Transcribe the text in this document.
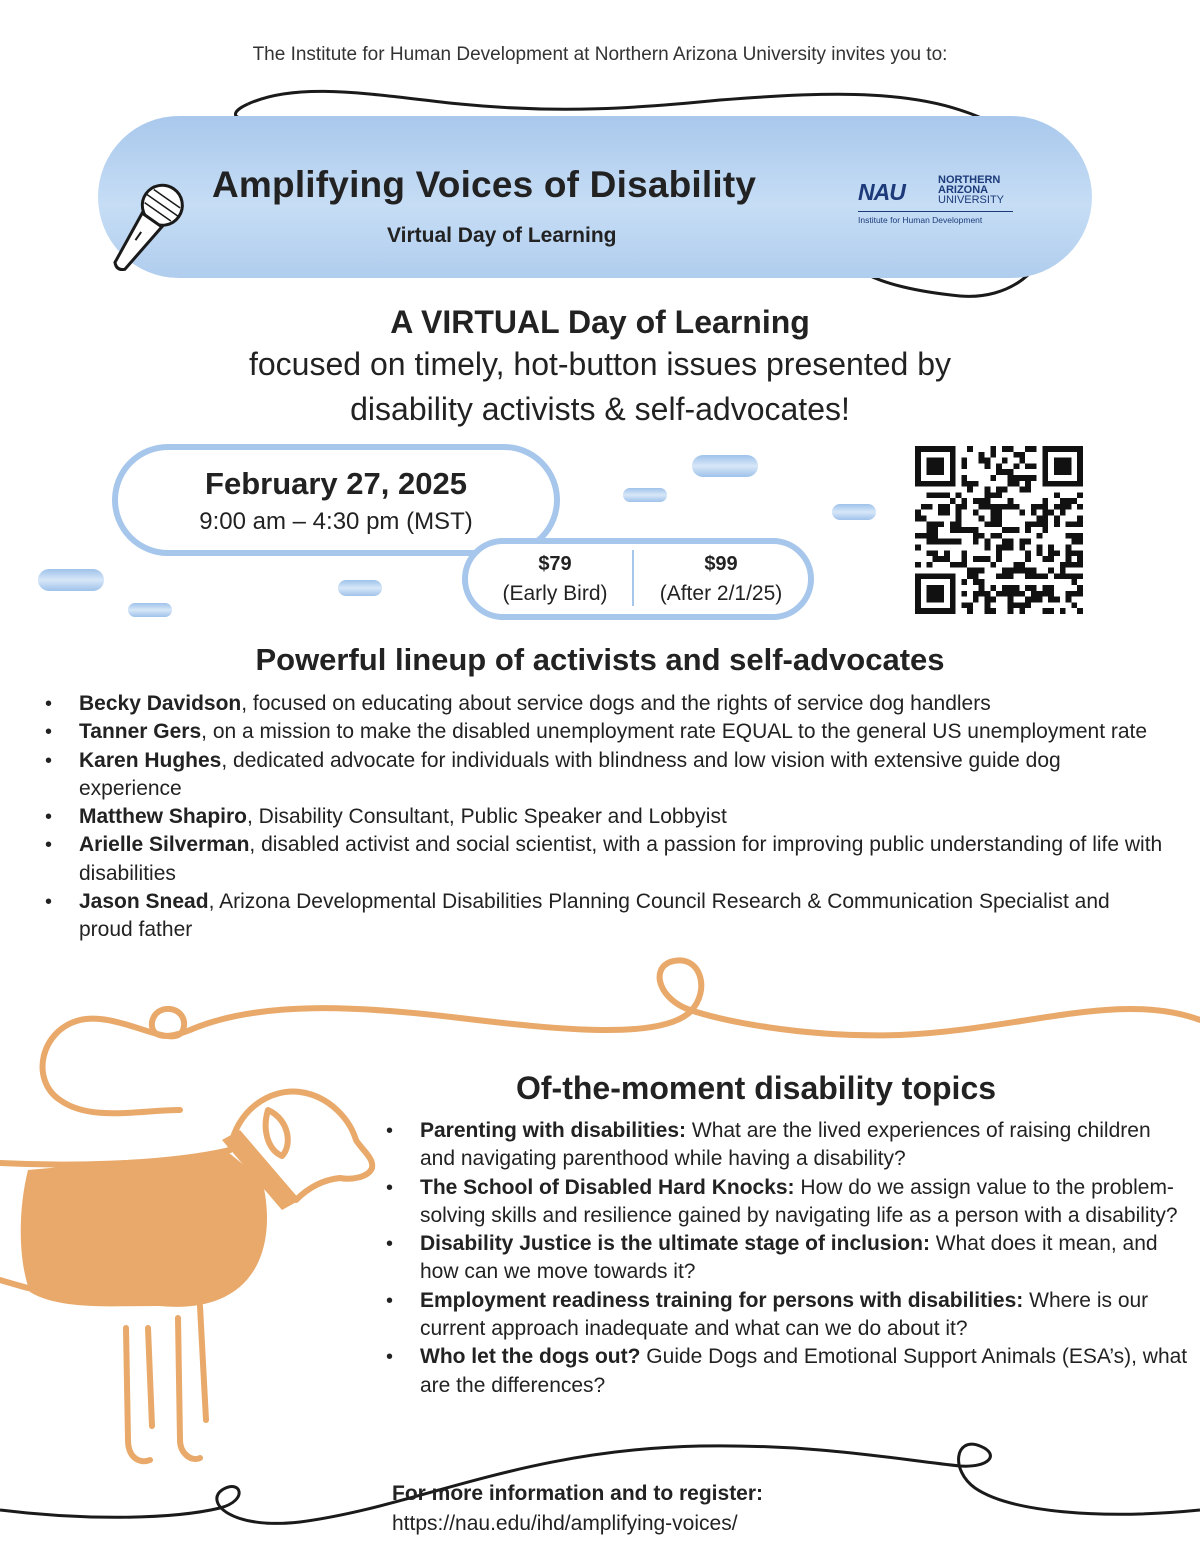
The Institute for Human Development at Northern Arizona University invites you to:
Amplifying Voices of Disability
Virtual Day of Learning
NAU	NORTHERN
ARIZONA
UNIVERSITY
Institute for Human Development
A VIRTUAL Day of Learning
focused on timely, hot-button issues presented by
disability activists & self-advocates!
February 27, 2025
9:00 am – 4:30 pm (MST)
$79
(Early Bird)
$99
(After 2/1/25)
Powerful lineup of activists and self-advocates
• Becky Davidson, focused on educating about service dogs and the rights of service dog handlers
• Tanner Gers, on a mission to make the disabled unemployment rate EQUAL to the general US unemployment rate
• Karen Hughes, dedicated advocate for individuals with blindness and low vision with extensive guide dog experience
• Matthew Shapiro, Disability Consultant, Public Speaker and Lobbyist
• Arielle Silverman, disabled activist and social scientist, with a passion for improving public understanding of life with disabilities
• Jason Snead, Arizona Developmental Disabilities Planning Council Research & Communication Specialist and proud father
Of-the-moment disability topics
• Parenting with disabilities: What are the lived experiences of raising children and navigating parenthood while having a disability?
• The School of Disabled Hard Knocks: How do we assign value to the problem-solving skills and resilience gained by navigating life as a person with a disability?
• Disability Justice is the ultimate stage of inclusion: What does it mean, and how can we move towards it?
• Employment readiness training for persons with disabilities: Where is our current approach inadequate and what can we do about it?
• Who let the dogs out? Guide Dogs and Emotional Support Animals (ESA’s), what are the differences?
For more information and to register:
https://nau.edu/ihd/amplifying-voices/
